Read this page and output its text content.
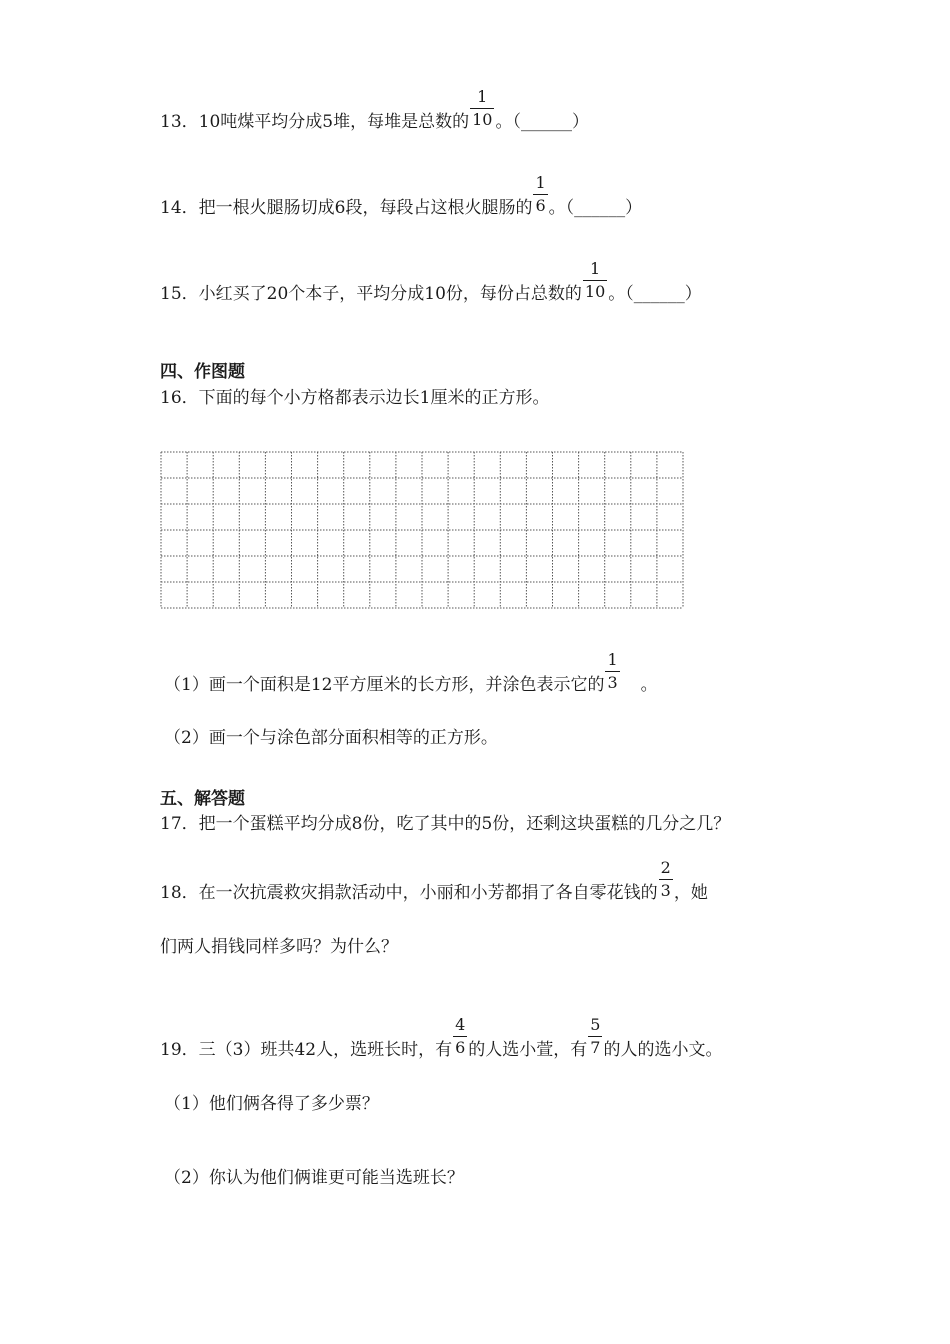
13．10吨煤平均分成5堆，每堆是总数的 $\frac{1}{10}$ 。（______）
14．把一根火腿肠切成6段，每段占这根火腿肠的 $\frac{1}{6}$ 。（______）
15．小红买了20个本子，平均分成10份，每份占总数的 $\frac{1}{10}$ 。（______）
四、作图题
16．下面的每个小方格都表示边长1厘米的正方形。
（1）画一个面积是12平方厘米的长方形，并涂色表示它的 $\frac{1}{3}$ 。
（2）画一个与涂色部分面积相等的正方形。
五、解答题
17．把一个蛋糕平均分成8份，吃了其中的5份，还剩这块蛋糕的几分之几？
18．在一次抗震救灾捐款活动中，小丽和小芳都捐了各自零花钱的 $\frac{2}{3}$ ，她
们两人捐钱同样多吗？为什么？
19．三（3）班共42人，选班长时，有 $\frac{4}{6}$ 的人选小萱，有 $\frac{5}{7}$ 的人的选小文。
（1）他们俩各得了多少票？
（2）你认为他们俩谁更可能当选班长？
